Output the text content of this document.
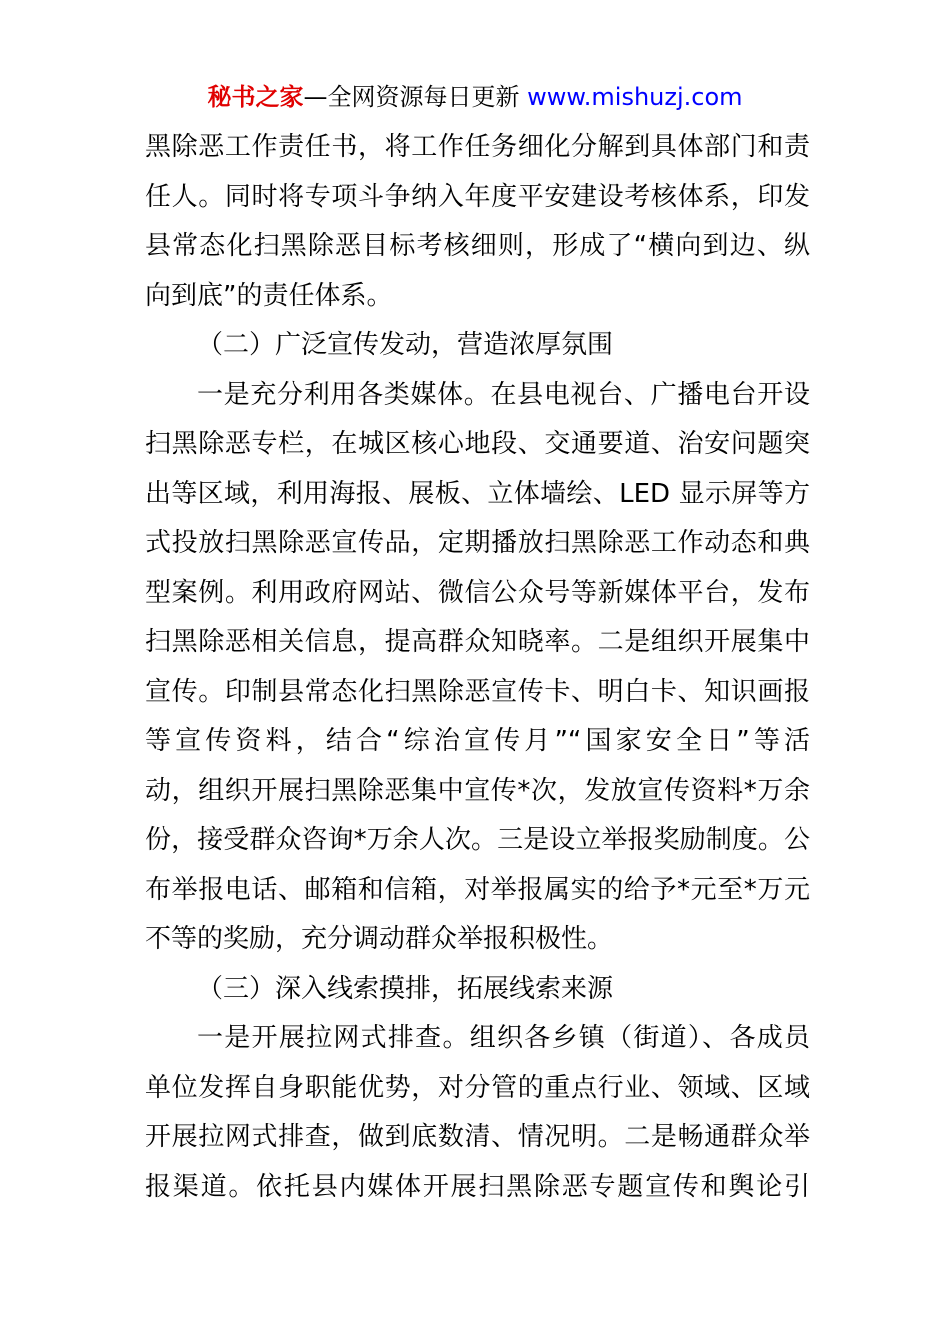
秘书之家—全网资源每日更新 www.mishuzj.com
黑除恶工作责任书，将工作任务细化分解到具体部门和责
任人。同时将专项斗争纳入年度平安建设考核体系，印发
县常态化扫黑除恶目标考核细则，形成了“横向到边、纵
向到底”的责任体系。
（二）广泛宣传发动，营造浓厚氛围
一是充分利用各类媒体。在县电视台、广播电台开设
扫黑除恶专栏，在城区核心地段、交通要道、治安问题突
出等区域，利用海报、展板、立体墙绘、LED 显示屏等方
式投放扫黑除恶宣传品，定期播放扫黑除恶工作动态和典
型案例。利用政府网站、微信公众号等新媒体平台，发布
扫黑除恶相关信息，提高群众知晓率。二是组织开展集中
宣传。印制县常态化扫黑除恶宣传卡、明白卡、知识画报
等宣传资料，结合“综治宣传月”“国家安全日”等活
动，组织开展扫黑除恶集中宣传*次，发放宣传资料*万余
份，接受群众咨询*万余人次。三是设立举报奖励制度。公
布举报电话、邮箱和信箱，对举报属实的给予*元至*万元
不等的奖励，充分调动群众举报积极性。
（三）深入线索摸排，拓展线索来源
一是开展拉网式排查。组织各乡镇（街道）、各成员
单位发挥自身职能优势，对分管的重点行业、领域、区域
开展拉网式排查，做到底数清、情况明。二是畅通群众举
报渠道。依托县内媒体开展扫黑除恶专题宣传和舆论引
